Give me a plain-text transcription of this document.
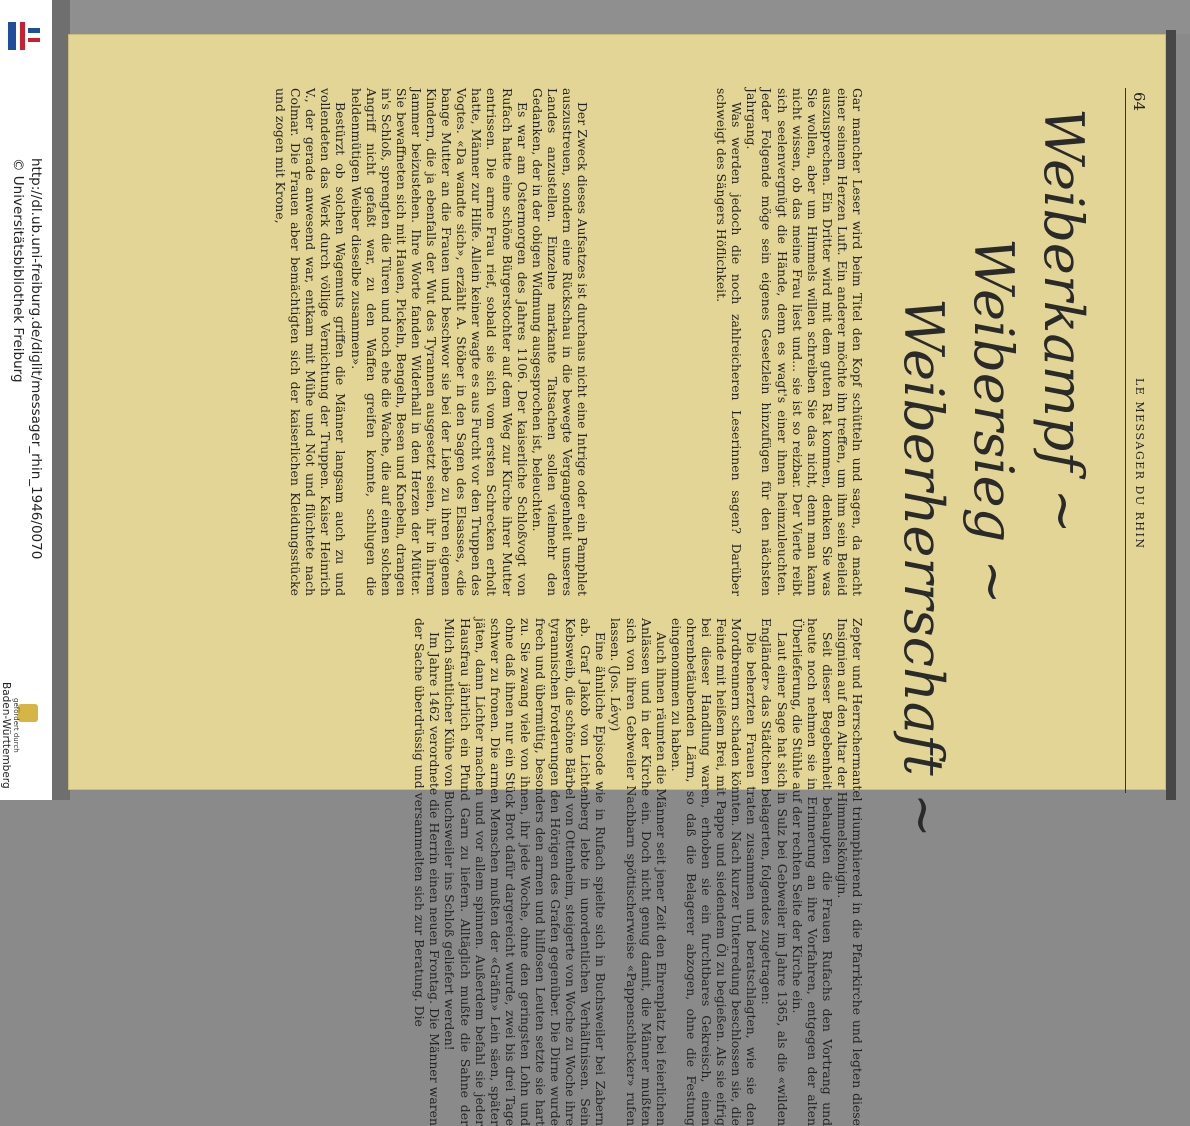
http://dl.ub.uni-freiburg.de/diglit/messager_rhin_1946/0070
© Universitätsbibliothek Freiburg
gefördert durch
Baden-Württemberg
64
LE MESSAGER DU RHIN
Weiberkampf ~
Weibersieg ~
Weiberherrschaft ~

Gar mancher Leser wird beim Titel den Kopf schütteln und sagen, da macht einer seinem Herzen Luft. Ein anderer möchte ihn treffen, um ihm sein Beileid auszusprechen. Ein Dritter wird mit dem guten Rat kommen, denken Sie was Sie wollen, aber um Himmels willen schreiben Sie das nicht, denn man kann nicht wissen, ob das meine Frau liest und... sie ist so reizbar. Der Vierte reibt sich seelenvergnügt die Hände, denn es wagt's einer ihnen heimzuleuchten. Jeder Folgende möge sein eigenes Gesetzlein hinzufügen für den nächsten Jahrgang.

Was werden jedoch die noch zahlreicheren Leserinnen sagen? Darüber schweigt des Sängers Höflichkeit.

Der Zweck dieses Aufsatzes ist durchaus nicht eine Intrige oder ein Pamphlet auszustreuen, sondern eine Rückschau in die bewegte Vergangenheit unseres Landes anzustellen. Einzelne markante Tatsachen sollen vielmehr den Gedanken, der in der obigen Widmung ausgesprochen ist, beleuchten.

Es war am Ostermorgen des Jahres 1106. Der kaiserliche Schloßvogt von Rufach hatte eine schöne Bürgerstochter auf dem Weg zur Kirche ihrer Mutter entrissen. Die arme Frau rief, sobald sie sich vom ersten Schrecken erholt hatte, Männer zur Hilfe. Allein keiner wagte es aus Furcht vor den Truppen des Vogtes. «Da wandte sich», erzählt A. Stöber in den Sagen des Elsasses, «die bange Mutter an die Frauen und beschwor sie bei der Liebe zu ihren eigenen Kindern, die ja ebenfalls der Wut des Tyrannen ausgesetzt seien, ihr in ihrem Jammer beizustehen. Ihre Worte fanden Widerhall in den Herzen der Mütter. Sie bewaffneten sich mit Hauen, Pickeln, Bengeln, Besen und Knebeln, drangen in's Schloß, sprengten die Türen und noch ehe die Wache, die auf einen solchen Angriff nicht gefaßt war, zu den Waffen greifen konnte, schlugen die heldenmütigen Weiber dieselbe zusammen».

Bestürzt ob solchen Wagemuts griffen die Männer langsam auch zu und vollendeten das Werk durch völlige Vernichtung der Truppen. Kaiser Heinrich V., der gerade anwesend war, entkam mit Mühe und Not und flüchtete nach Colmar. Die Frauen aber bemächtigten sich der kaiserlichen Kleidungsstücke und zogen mit Krone,

Zepter und Herrschermantel triumphierend in die Pfarrkirche und legten diese Insignien auf den Altar der Himmelskönigin.

Seit dieser Begebenheit behaupten die Frauen Rufachs den Vortrang und heute noch nehmen sie in Erinnerung an ihre Vorfahren, entgegen der alten Überlieferung, die Stühle auf der rechten Seite der Kirche ein.

Laut einer Sage hat sich in Sulz bei Gebweiler im Jahre 1365, als die «wilden Engländer» das Städtchen belagerten, folgendes zugetragen:

Die beherzten Frauen traten zusammen und beratschlagten, wie sie den Mordbrennern schaden könnten. Nach kurzer Unterredung beschlossen sie, die Feinde mit heißem Brei, mit Pappe und siedendem Öl zu begießen. Als sie eifrig bei dieser Handlung waren, erhoben sie ein furchtbares Gekreisch, einen ohrenbetäubenden Lärm, so daß die Belagerer abzogen, ohne die Festung eingenommen zu haben.

Auch ihnen räumten die Männer seit jener Zeit den Ehrenplatz bei feierlichen Anlässen und in der Kirche ein. Doch nicht genug damit, die Männer mußten sich von ihren Gebweiler Nachbarn spöttischerweise «Pappenschlecker» rufen lassen. (Jos. Lévy)

Eine ähnliche Episode wie in Rufach spielte sich in Buchsweiler bei Zabern ab. Graf Jakob von Lichtenberg lebte in unordentlichen Verhältnissen. Sein Kebsweib, die schöne Bärbel von Ottenheim, steigerte von Woche zu Woche ihre tyrannischen Forderungen den Hörigen des Grafen gegenüber. Die Dirne wurde frech und übermütig, besonders den armen und hilflosen Leuten setzte sie hart zu. Sie zwang viele von ihnen, ihr jede Woche, ohne den geringsten Lohn und ohne daß ihnen nur ein Stück Brot dafür dargereicht wurde, zwei bis drei Tage schwer zu fronen. Die armen Menschen mußten der «Gräfin» Lein säen, später jäten, dann Lichter machen und vor allem spinnen. Außerdem befahl sie jeder Hausfrau jährlich ein Pfund Garn zu liefern. Alltäglich mußte die Sahne der Milch sämtlicher Kühe von Buchsweiler ins Schloß geliefert werden!

Im Jahre 1462 verordnete die Herrin einen neuen Frontag. Die Männer waren der Sache überdrüssig und versammelten sich zur Beratung. Die
